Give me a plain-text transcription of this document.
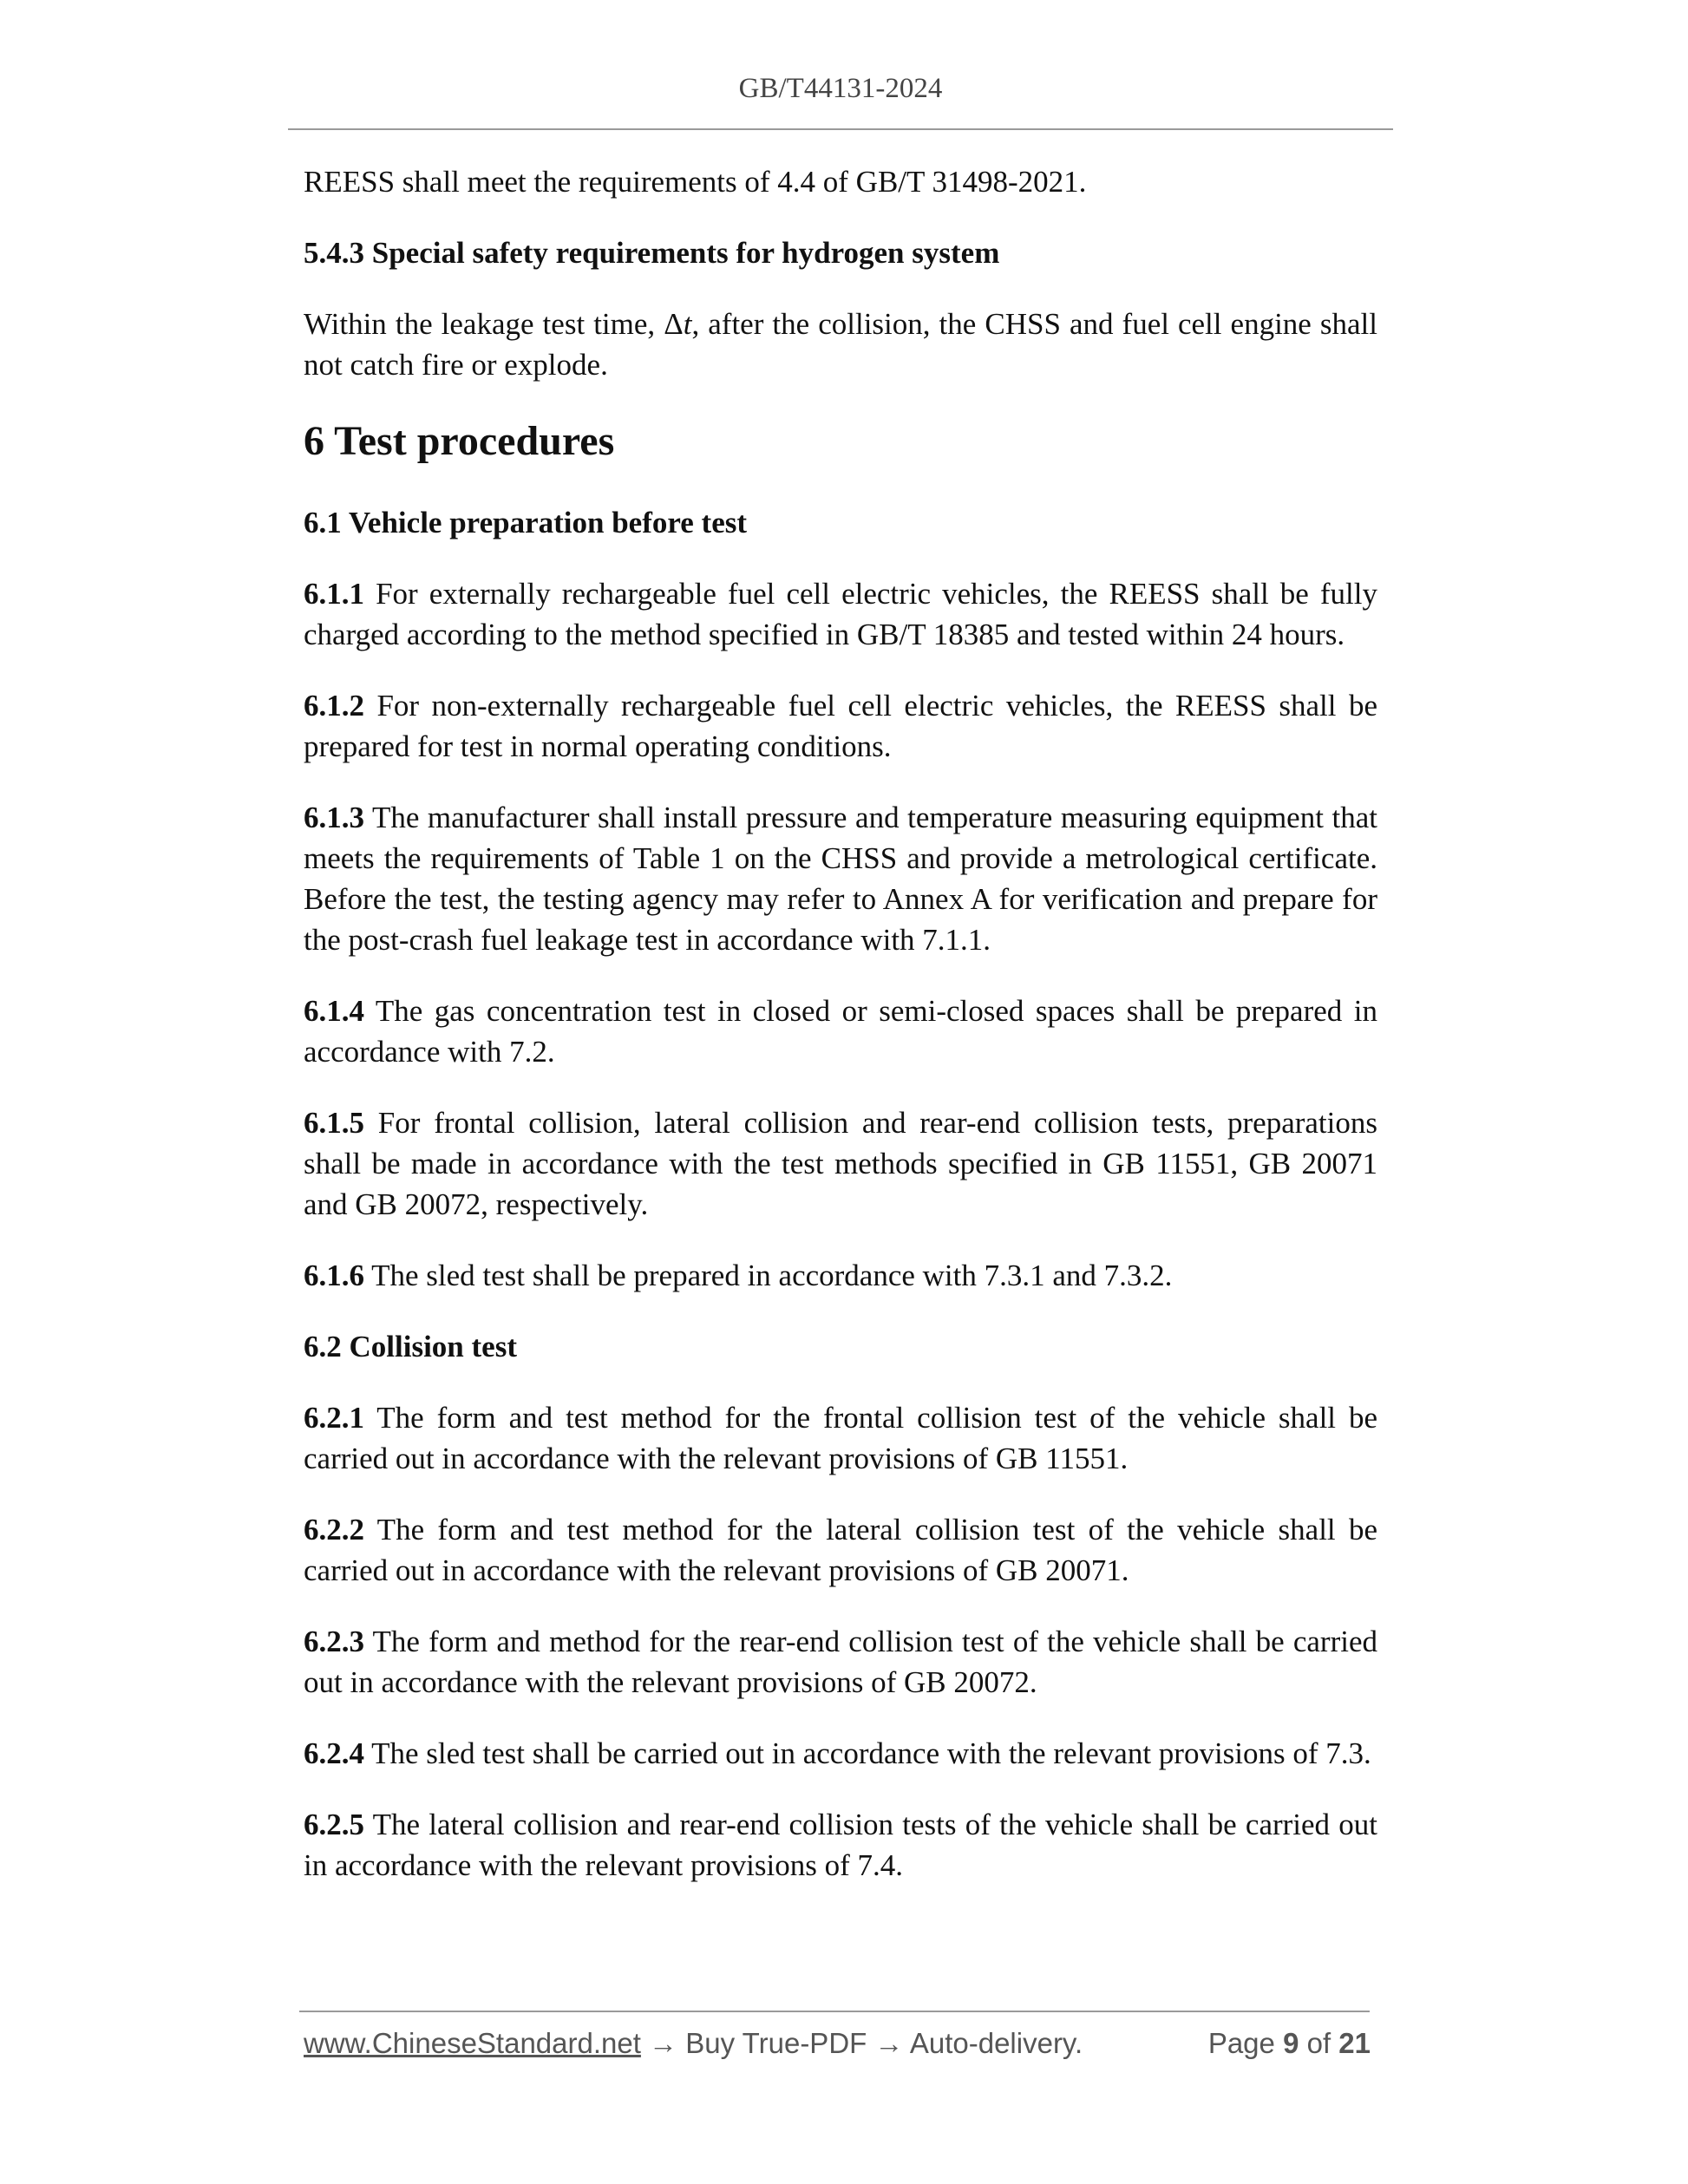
GB/T44131-2024

REESS shall meet the requirements of 4.4 of GB/T 31498-2021.

5.4.3 Special safety requirements for hydrogen system

Within the leakage test time, Δt, after the collision, the CHSS and fuel cell engine shall not catch fire or explode.

6 Test procedures
6.1 Vehicle preparation before test

6.1.1 For externally rechargeable fuel cell electric vehicles, the REESS shall be fully charged according to the method specified in GB/T 18385 and tested within 24 hours.

6.1.2 For non-externally rechargeable fuel cell electric vehicles, the REESS shall be prepared for test in normal operating conditions.

6.1.3 The manufacturer shall install pressure and temperature measuring equipment that meets the requirements of Table 1 on the CHSS and provide a metrological certificate. Before the test, the testing agency may refer to Annex A for verification and prepare for the post-crash fuel leakage test in accordance with 7.1.1.

6.1.4 The gas concentration test in closed or semi-closed spaces shall be prepared in accordance with 7.2.

6.1.5 For frontal collision, lateral collision and rear-end collision tests, preparations shall be made in accordance with the test methods specified in GB 11551, GB 20071 and GB 20072, respectively.

6.1.6 The sled test shall be prepared in accordance with 7.3.1 and 7.3.2.

6.2 Collision test

6.2.1 The form and test method for the frontal collision test of the vehicle shall be carried out in accordance with the relevant provisions of GB 11551.

6.2.2 The form and test method for the lateral collision test of the vehicle shall be carried out in accordance with the relevant provisions of GB 20071.

6.2.3 The form and method for the rear-end collision test of the vehicle shall be carried out in accordance with the relevant provisions of GB 20072.

6.2.4 The sled test shall be carried out in accordance with the relevant provisions of 7.3.

6.2.5 The lateral collision and rear-end collision tests of the vehicle shall be carried out in accordance with the relevant provisions of 7.4.

www.ChineseStandard.net → Buy True-PDF → Auto-delivery.	Page 9 of 21
